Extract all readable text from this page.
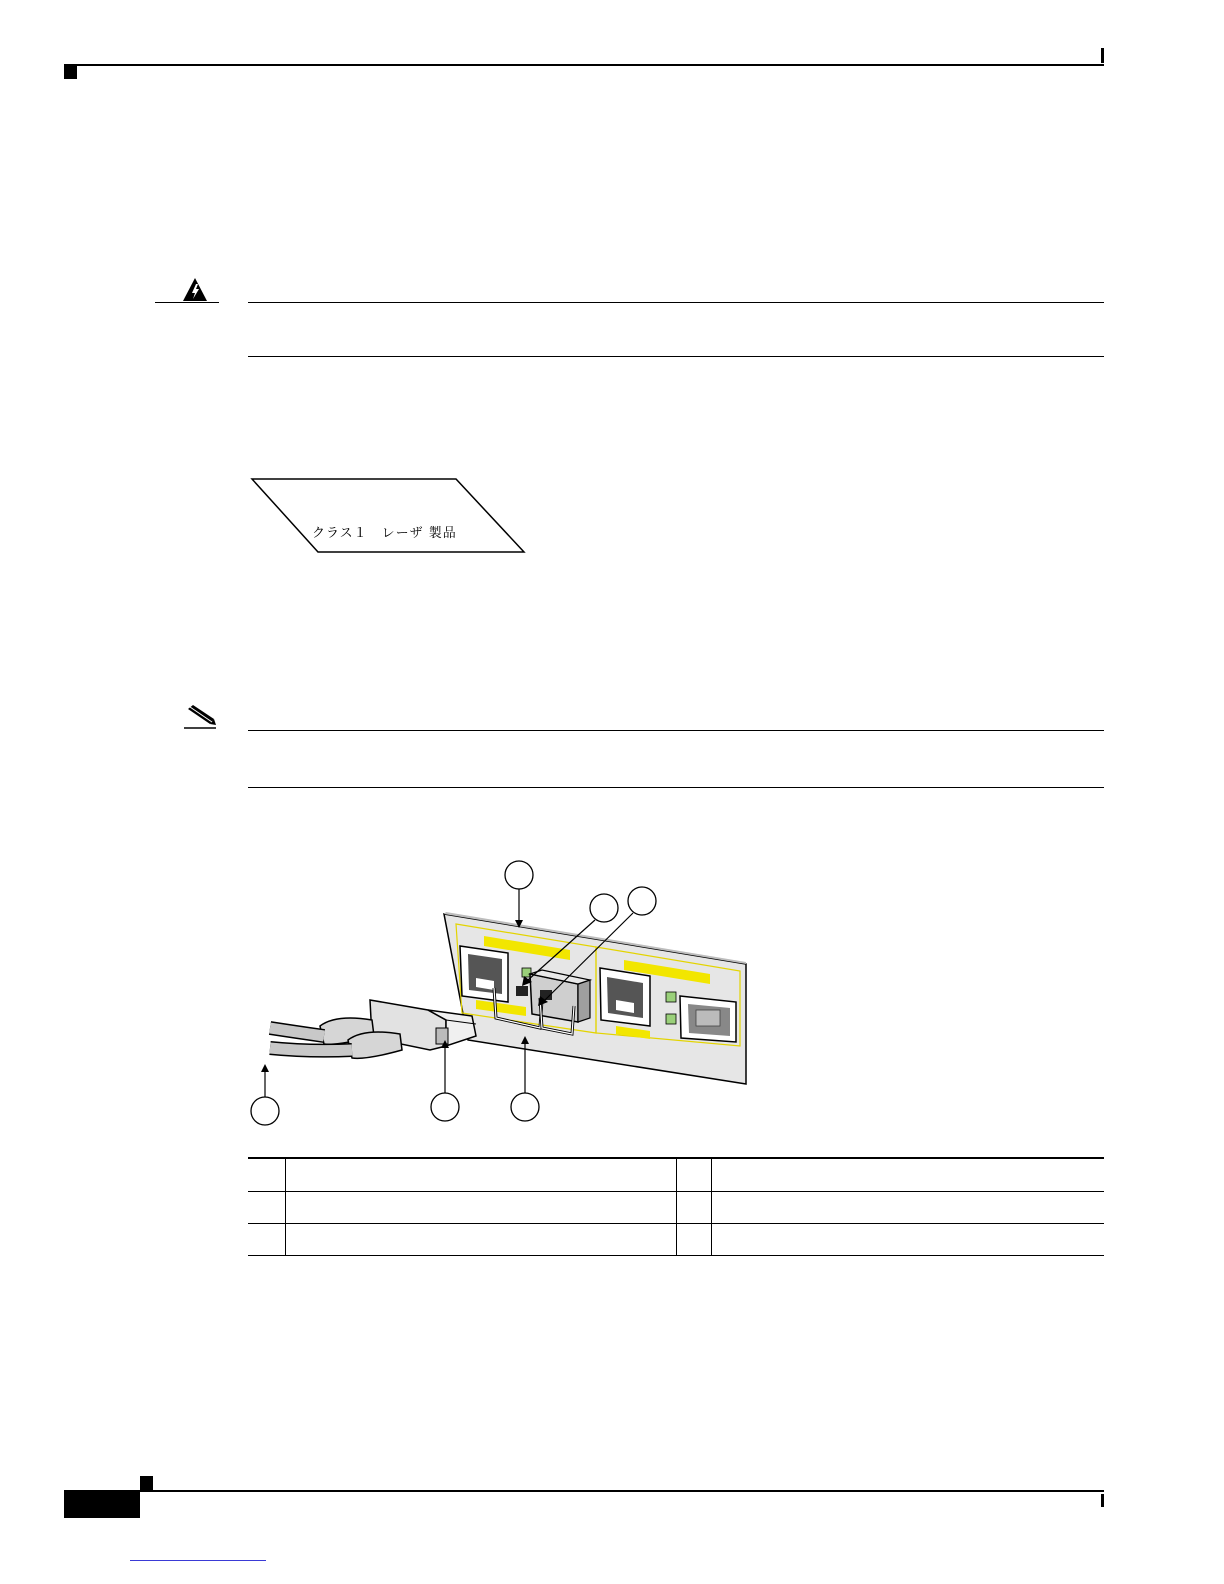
クラス１　レーザ 製品
